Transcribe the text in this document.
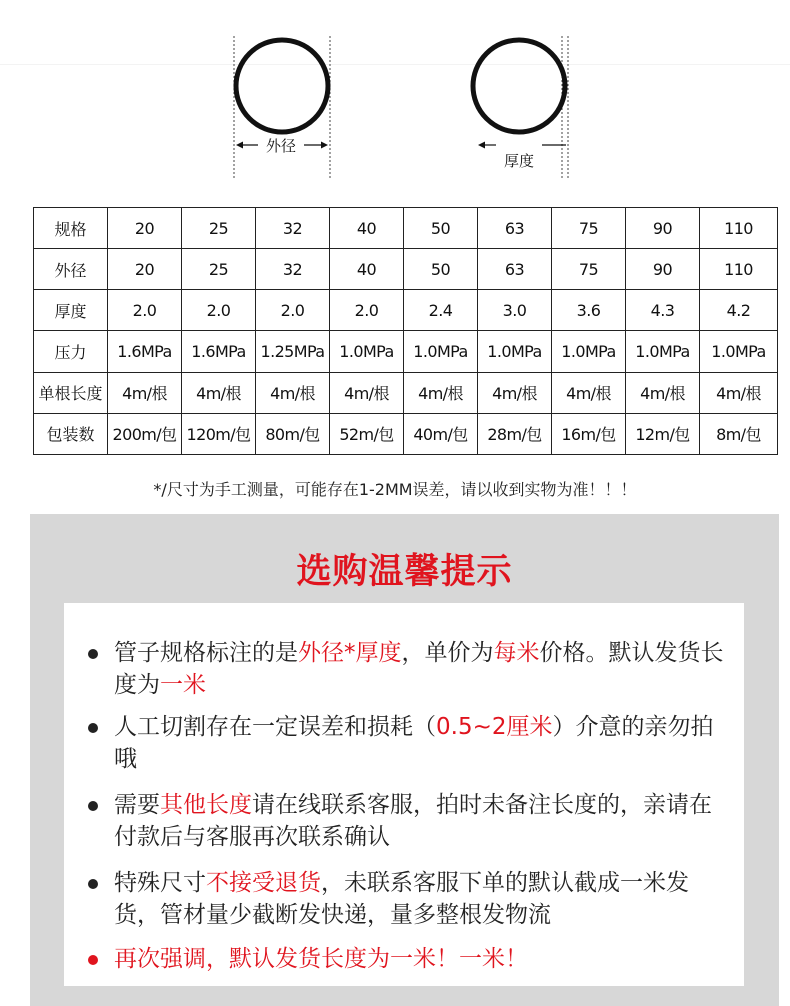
外径
厚度
规格	20	25	32	40	50	63	75	90	110
外径	20	25	32	40	50	63	75	90	110
厚度	2.0	2.0	2.0	2.0	2.4	3.0	3.6	4.3	4.2
压力	1.6MPa	1.6MPa	1.25MPa	1.0MPa	1.0MPa	1.0MPa	1.0MPa	1.0MPa	1.0MPa
单根长度	4m/根	4m/根	4m/根	4m/根	4m/根	4m/根	4m/根	4m/根	4m/根
包装数	200m/包	120m/包	80m/包	52m/包	40m/包	28m/包	16m/包	12m/包	8m/包
*/尺寸为手工测量，可能存在1-2MM误差，请以收到实物为准！！！
选购温馨提示
管子规格标注的是外径*厚度，单价为每米价格。默认发货长度为一米
人工切割存在一定误差和损耗（0.5~2厘米）介意的亲勿拍哦
需要其他长度请在线联系客服，拍时未备注长度的，亲请在付款后与客服再次联系确认
特殊尺寸不接受退货，未联系客服下单的默认截成一米发货，管材量少截断发快递，量多整根发物流
再次强调，默认发货长度为一米！一米！
